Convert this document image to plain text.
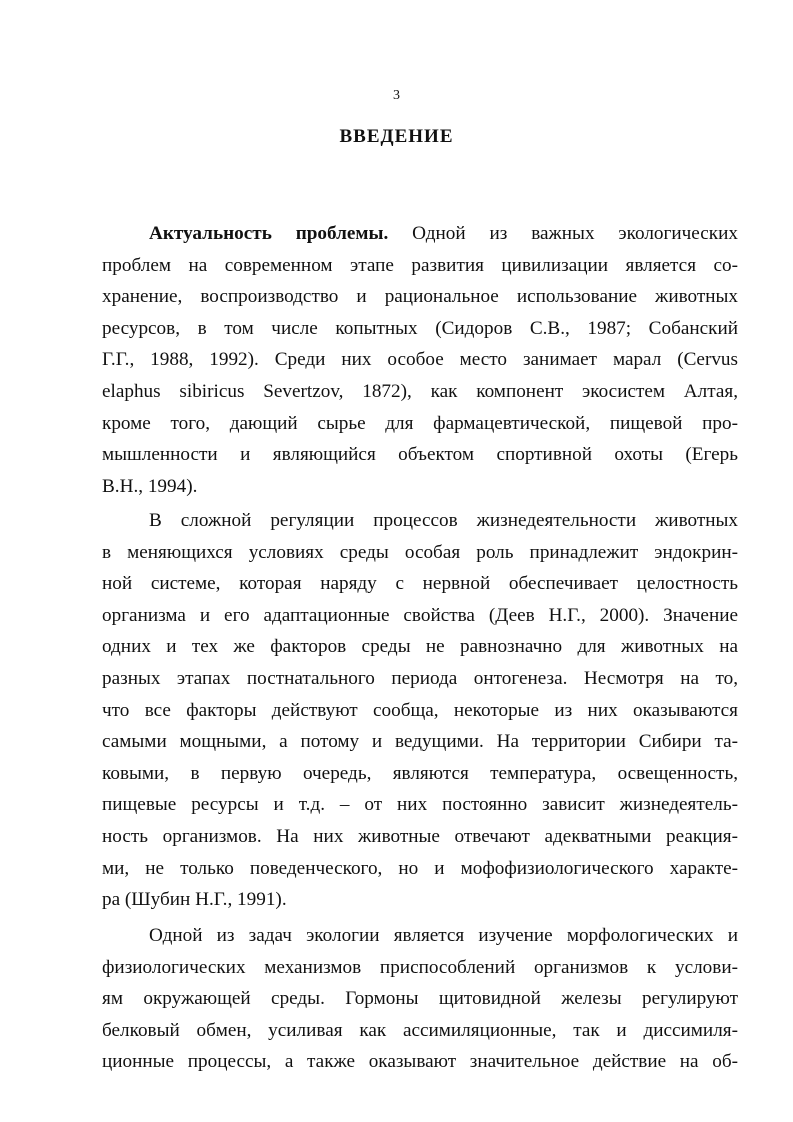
3
ВВЕДЕНИЕ
Актуальность проблемы. Одной из важных экологических
проблем на современном этапе развития цивилизации является со-
хранение, воспроизводство и рациональное использование животных
ресурсов, в том числе копытных (Сидоров С.В., 1987; Собанский
Г.Г., 1988, 1992). Среди них особое место занимает марал (Cervus
elaphus sibiricus Severtzov, 1872), как компонент экосистем Алтая,
кроме того, дающий сырье для фармацевтической, пищевой про-
мышленности и являющийся объектом спортивной охоты (Егерь
В.Н., 1994).
В сложной регуляции процессов жизнедеятельности животных
в меняющихся условиях среды особая роль принадлежит эндокрин-
ной системе, которая наряду с нервной обеспечивает целостность
организма и его адаптационные свойства (Деев Н.Г., 2000). Значение
одних и тех же факторов среды не равнозначно для животных на
разных этапах постнатального периода онтогенеза. Несмотря на то,
что все факторы действуют сообща, некоторые из них оказываются
самыми мощными, а потому и ведущими. На территории Сибири та-
ковыми, в первую очередь, являются температура, освещенность,
пищевые ресурсы и т.д. – от них постоянно зависит жизнедеятель-
ность организмов. На них животные отвечают адекватными реакция-
ми, не только поведенческого, но и мофофизиологического характе-
ра (Шубин Н.Г., 1991).
Одной из задач экологии является изучение морфологических и
физиологических механизмов приспособлений организмов к услови-
ям окружающей среды. Гормоны щитовидной железы регулируют
белковый обмен, усиливая как ассимиляционные, так и диссимиля-
ционные процессы, а также оказывают значительное действие на об-
